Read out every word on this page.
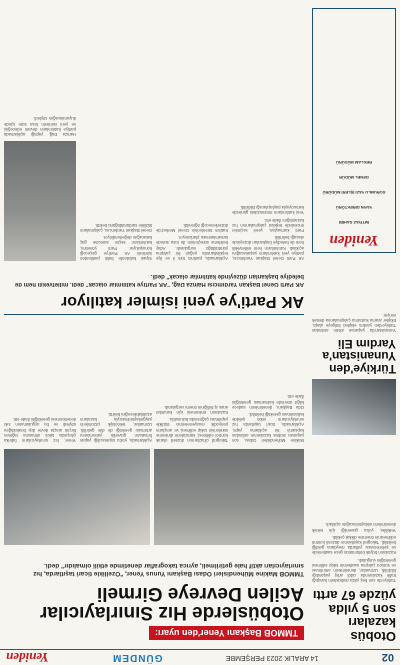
02
14 ARALIK 2023 PERŞEMBE
GÜNDEM
Yeniden
Otobüs kazaları
son 5 yılda
yüzde 67 arttı

Türkiye'de son beş yılda otobüslerin karıştığı trafik kazalarında ciddi artış yaşandığı bildirildi. Uzmanlar, denetimlerin artırılması ve sürücü çalışma saatlerinin takip edilmesi gerektiğini vurguladı.

Kazaların büyük bölümünün gece saatlerinde ve şehirlerarası yollarda meydana geldiği belirtildi. Takograf kayıtlarının düzenli kontrol edilmesinin önemine dikkat çekildi.

Yetkililer, yolcu güvenliği için teknik denetimlerin sıklaştırılacağını açıkladı.

TMMOB Başkanı Yener'den uyarı:
Otobüslerde Hız Sınırlayıcılar
Acilen Devreye Girmeli
TMMOB Makine Mühendisleri Odası Başkanı Yunus Yener, "Özellikle ticari taşıtlarda, hız sınırlayıcıları aktif hale getirilmeli, ayrıca takograflar denetimde etkili olmalıdır" dedi.

Makine Mühendisleri Odası, son yaşanan otobüs kazalarının ardından kapsamlı bir açıklama yaptı. Açıklamada, ticari taşıtlarda hız sınırlayıcıların etkin şekilde kullanılması gerektiği belirtildi.

Oda Başkanı, denetimlerin sadece kâğıt üzerinde kalmaması gerektiğini ifade etti.

Takograf cihazlarının düzenli olarak kontrol edilmesi, sürücülerin dinlenme sürelerinin takip edilmesi ve araçların periyodik muayenelerinin titizlikle yapılması çağrısında bulunuldu.

Kazaların önlenmesi için kurumlar arası iş birliğinin önemi vurgulandı.

Açıklamada, yolcu taşımacılığı yapan firmaların güvenlik yatırımlarını artırması gerektiği de dile getirildi. Uzmanlar, teknolojik çözümlerin yaygınlaştırılmasıyla kazaların azaltılabileceğini belirtti.

Yener, hız sınırlayıcıların fabrika çıkışında takılı olmasına rağmen birçok araçta devre dışı bırakıldığını söyledi ve bu uygulamanın sıkı denetlenmesi gerektiğini ifade etti.

Türkiye'den
Yunanistan'a
Yardım Eli

Yunanistan'da yaşanan afetin ardından Türkiye'den yardım ekipleri bölgeye ulaştı. Ekipler arama kurtarma çalışmalarına destek veriyor.

AK Parti'ye yeni isimler katılıyor
AK Parti Genel Başkan Yardımcısı Hamza Dağ, "AK Partiye katılımlar olacak" dedi. milletvekili hem de belediye başkanları düzeyinde katılımlar olacak" dedi.

AK Parti Genel Başkan Yardımcısı, partiye yeni katılımların yaşanacağını açıkladı. Katılımların hem milletvekili hem de belediye başkanları düzeyinde olacağı belirtildi.

Parti kurmayları, yerel seçimler öncesinde teşkilat çalışmalarının hız kazandığını ifade etti.

Yeni katılımların önümüzdeki günlerde kamuoyuyla paylaşılacağı bildirildi.

Açıklamada, partinin tüm il ve ilçe teşkilatlarında yoğun bir çalışma yürütüldüğü vurgulandı. Aday belirleme süreçlerinin de kısa sürede tamamlanması planlanıyor.

Katılım törenlerinin Genel Merkez'de düzenleneceği öğrenildi.

Siyasi kulislerde farklı partilerden isimlerin AK Parti'ye geçeceği konuşuluyor. Parti yönetimi, katılımların seçim sürecine güç katacağını değerlendiriyor.

Genel Başkan Yardımcısı, çalışmaların titizlikle sürdürüldüğünü belirtti.

Hamza Dağ, yaptığı açıklamada partiye katılımların devam edeceğini ve yeni isimlerin kısa süre içinde duyurulacağını söyledi.

Yeniden
İMTİYAZ SAHİBİ
YAYIN DİREKTÖRÜ
SORUMLU YAZI İŞLERİ MÜDÜRÜ
GENEL MÜDÜR
REKLAM MÜDÜRÜ
